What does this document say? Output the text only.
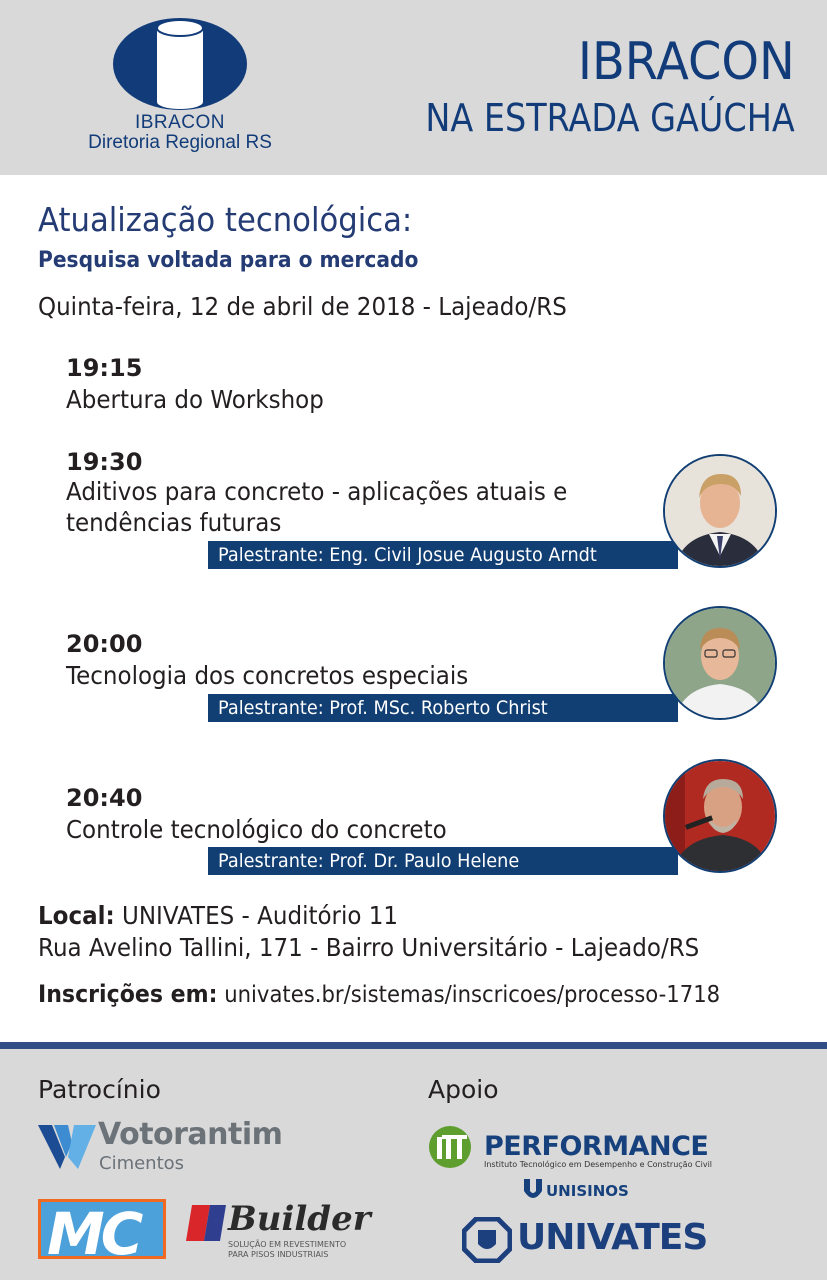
IBRACON
Diretoria Regional RS
IBRACON
NA ESTRADA GAÚCHA
Atualização tecnológica:
Pesquisa voltada para o mercado
Quinta-feira, 12 de abril de 2018 - Lajeado/RS
19:15
Abertura do Workshop
19:30
Aditivos para concreto - aplicações atuais e
tendências futuras
Palestrante: Eng. Civil Josue Augusto Arndt
20:00
Tecnologia dos concretos especiais
Palestrante: Prof. MSc. Roberto Christ
20:40
Controle tecnológico do concreto
Palestrante: Prof. Dr. Paulo Helene
Local: UNIVATES - Auditório 11
Rua Avelino Tallini, 171 - Bairro Universitário - Lajeado/RS
Inscrições em: univates.br/sistemas/inscricoes/processo-1718
Patrocínio	Apoio
Votorantim
Cimentos
MC	Builder
SOLUÇÃO EM REVESTIMENTO PARA PISOS INDUSTRIAIS
PERFORMANCE
Instituto Tecnológico em Desempenho e Construção Civil
UNISINOS
UNIVATES
